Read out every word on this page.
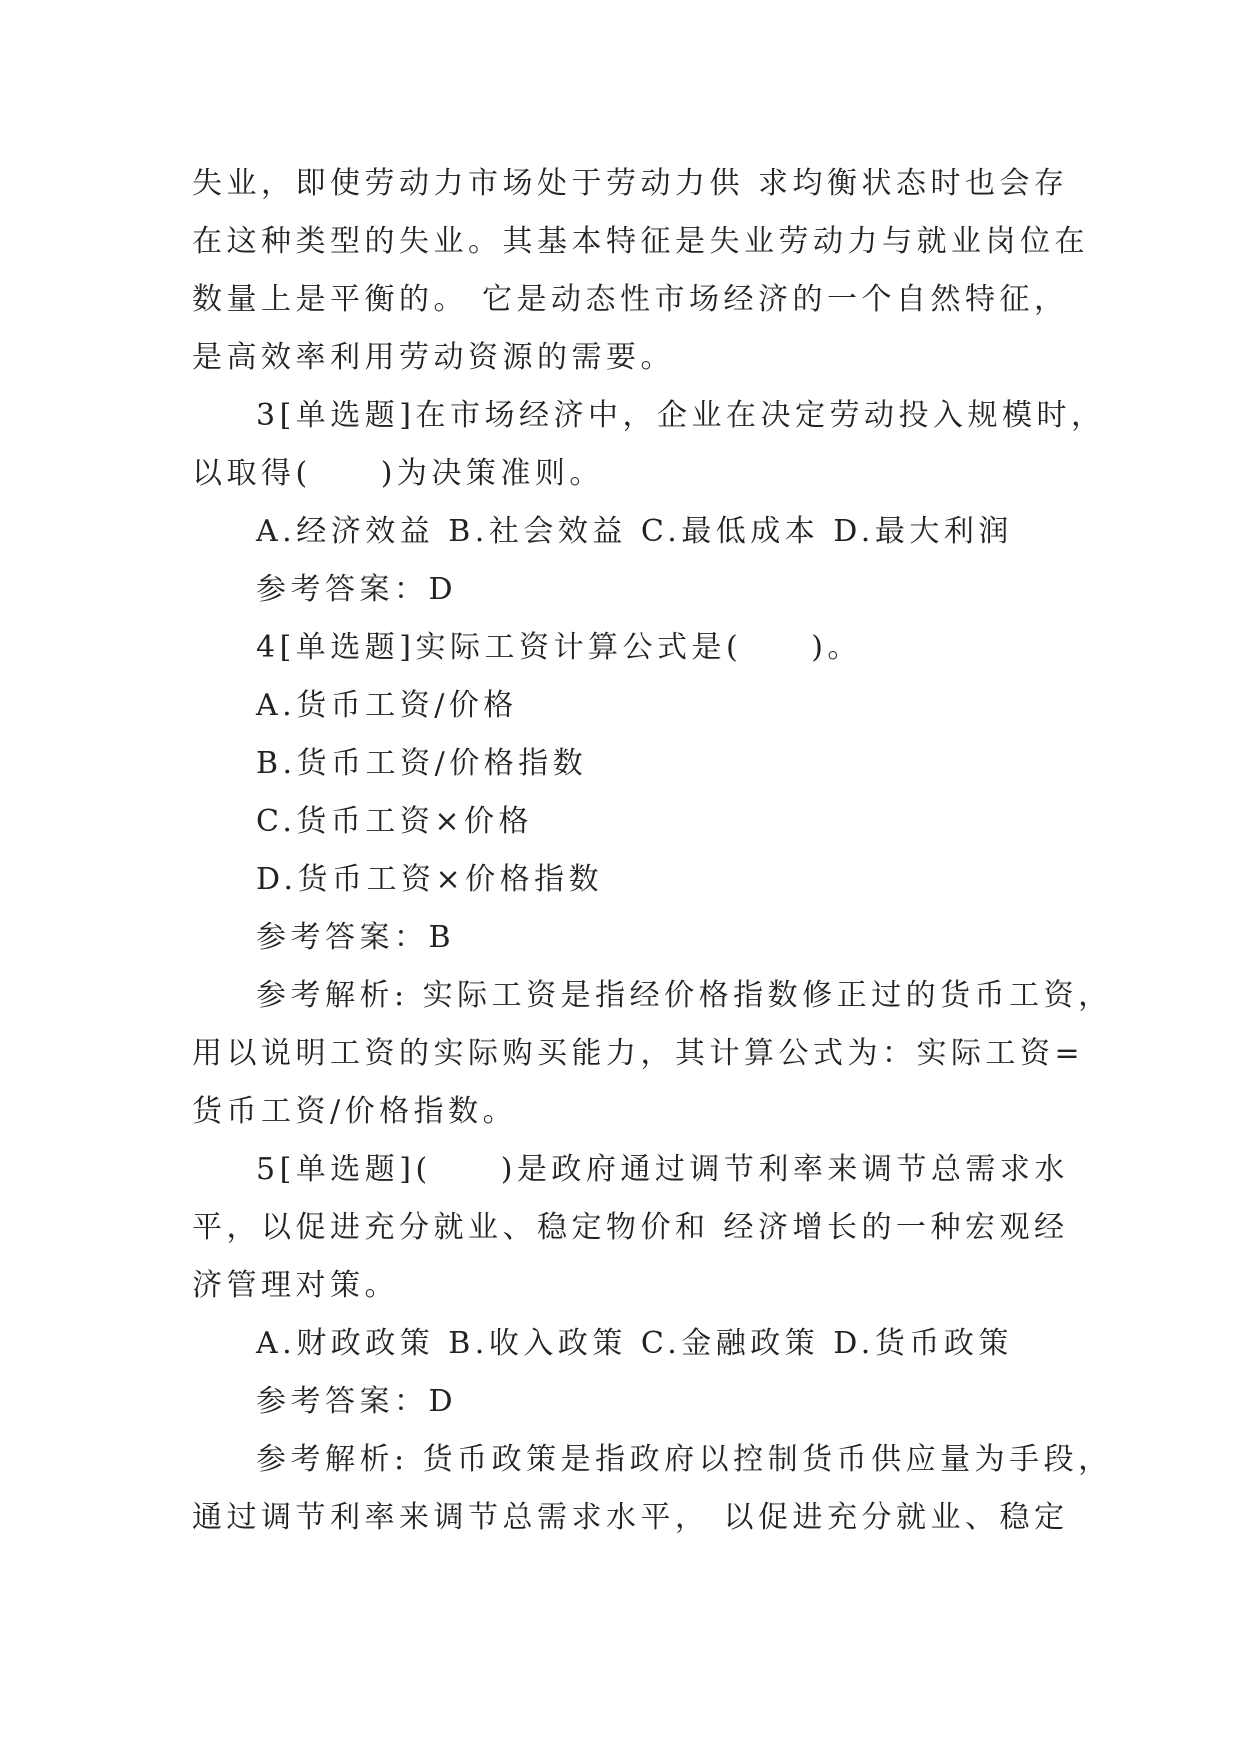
失业，即使劳动力市场处于劳动力供 求均衡状态时也会存
在这种类型的失业。其基本特征是失业劳动力与就业岗位在
数量上是平衡的。 它是动态性市场经济的一个自然特征，
是高效率利用劳动资源的需要。
3[单选题]在市场经济中，企业在决定劳动投入规模时，
以取得(　　)为决策准则。
A.经济效益 B.社会效益 C.最低成本 D.最大利润
参考答案：D
4[单选题]实际工资计算公式是(　　)。
A.货币工资/价格
B.货币工资/价格指数
C.货币工资×价格
D.货币工资×价格指数
参考答案：B
参考解析: 实际工资是指经价格指数修正过的货币工资，
用以说明工资的实际购买能力，其计算公式为：实际工资=
货币工资/价格指数。
5[单选题](　　)是政府通过调节利率来调节总需求水
平，以促进充分就业、稳定物价和 经济增长的一种宏观经
济管理对策。
A.财政政策 B.收入政策 C.金融政策 D.货币政策
参考答案：D
参考解析: 货币政策是指政府以控制货币供应量为手段，
通过调节利率来调节总需求水平， 以促进充分就业、稳定
